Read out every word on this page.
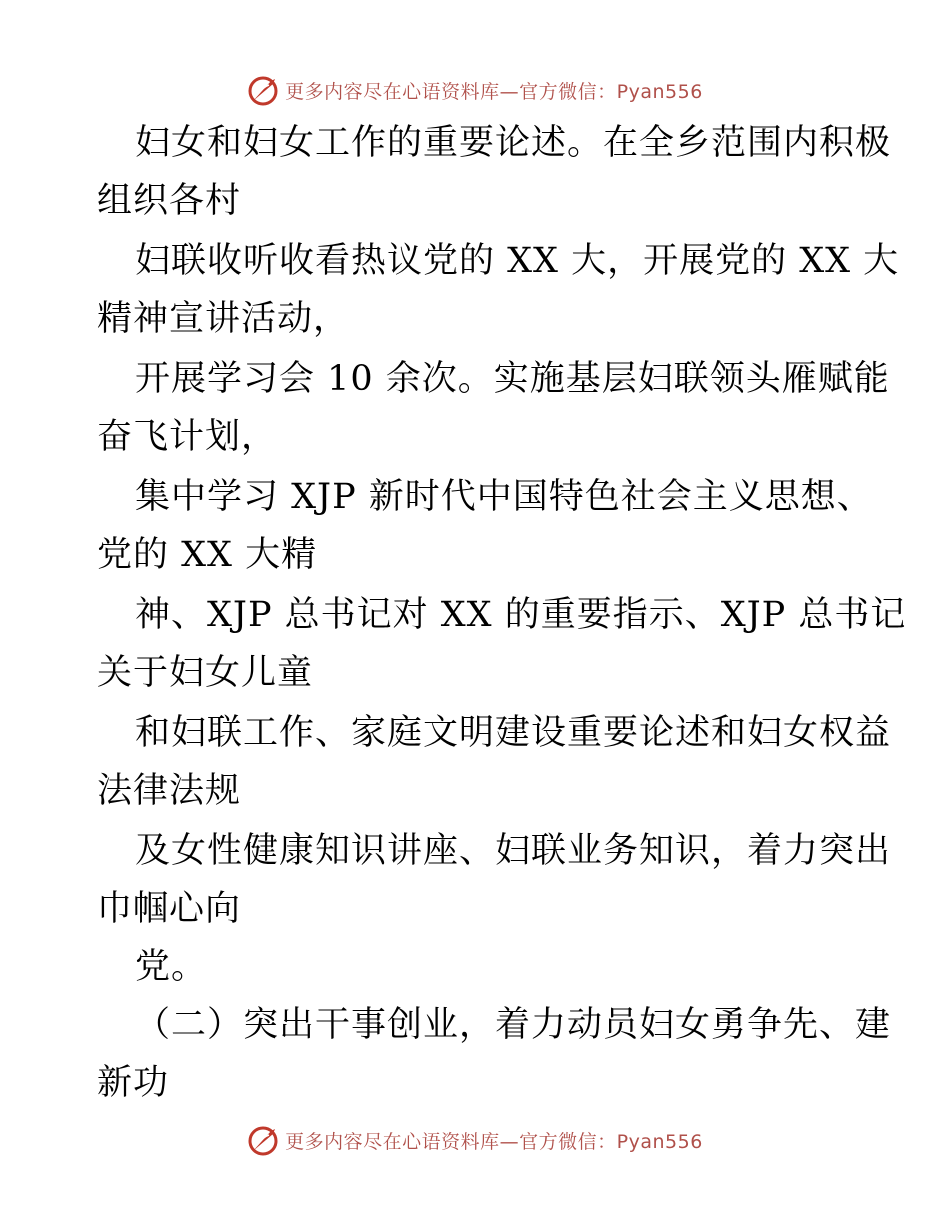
更多内容尽在心语资料库—官方微信：Pyan556
妇女和妇女工作的重要论述。在全乡范围内积极
组织各村
妇联收听收看热议党的 XX 大，开展党的 XX 大
精神宣讲活动，
开展学习会 10 余次。实施基层妇联领头雁赋能
奋飞计划，
集中学习 XJP 新时代中国特色社会主义思想、
党的 XX 大精
神、XJP 总书记对 XX 的重要指示、XJP 总书记
关于妇女儿童
和妇联工作、家庭文明建设重要论述和妇女权益
法律法规
及女性健康知识讲座、妇联业务知识，着力突出
巾帼心向
党。
（二）突出干事创业，着力动员妇女勇争先、建
新功
更多内容尽在心语资料库—官方微信：Pyan556
